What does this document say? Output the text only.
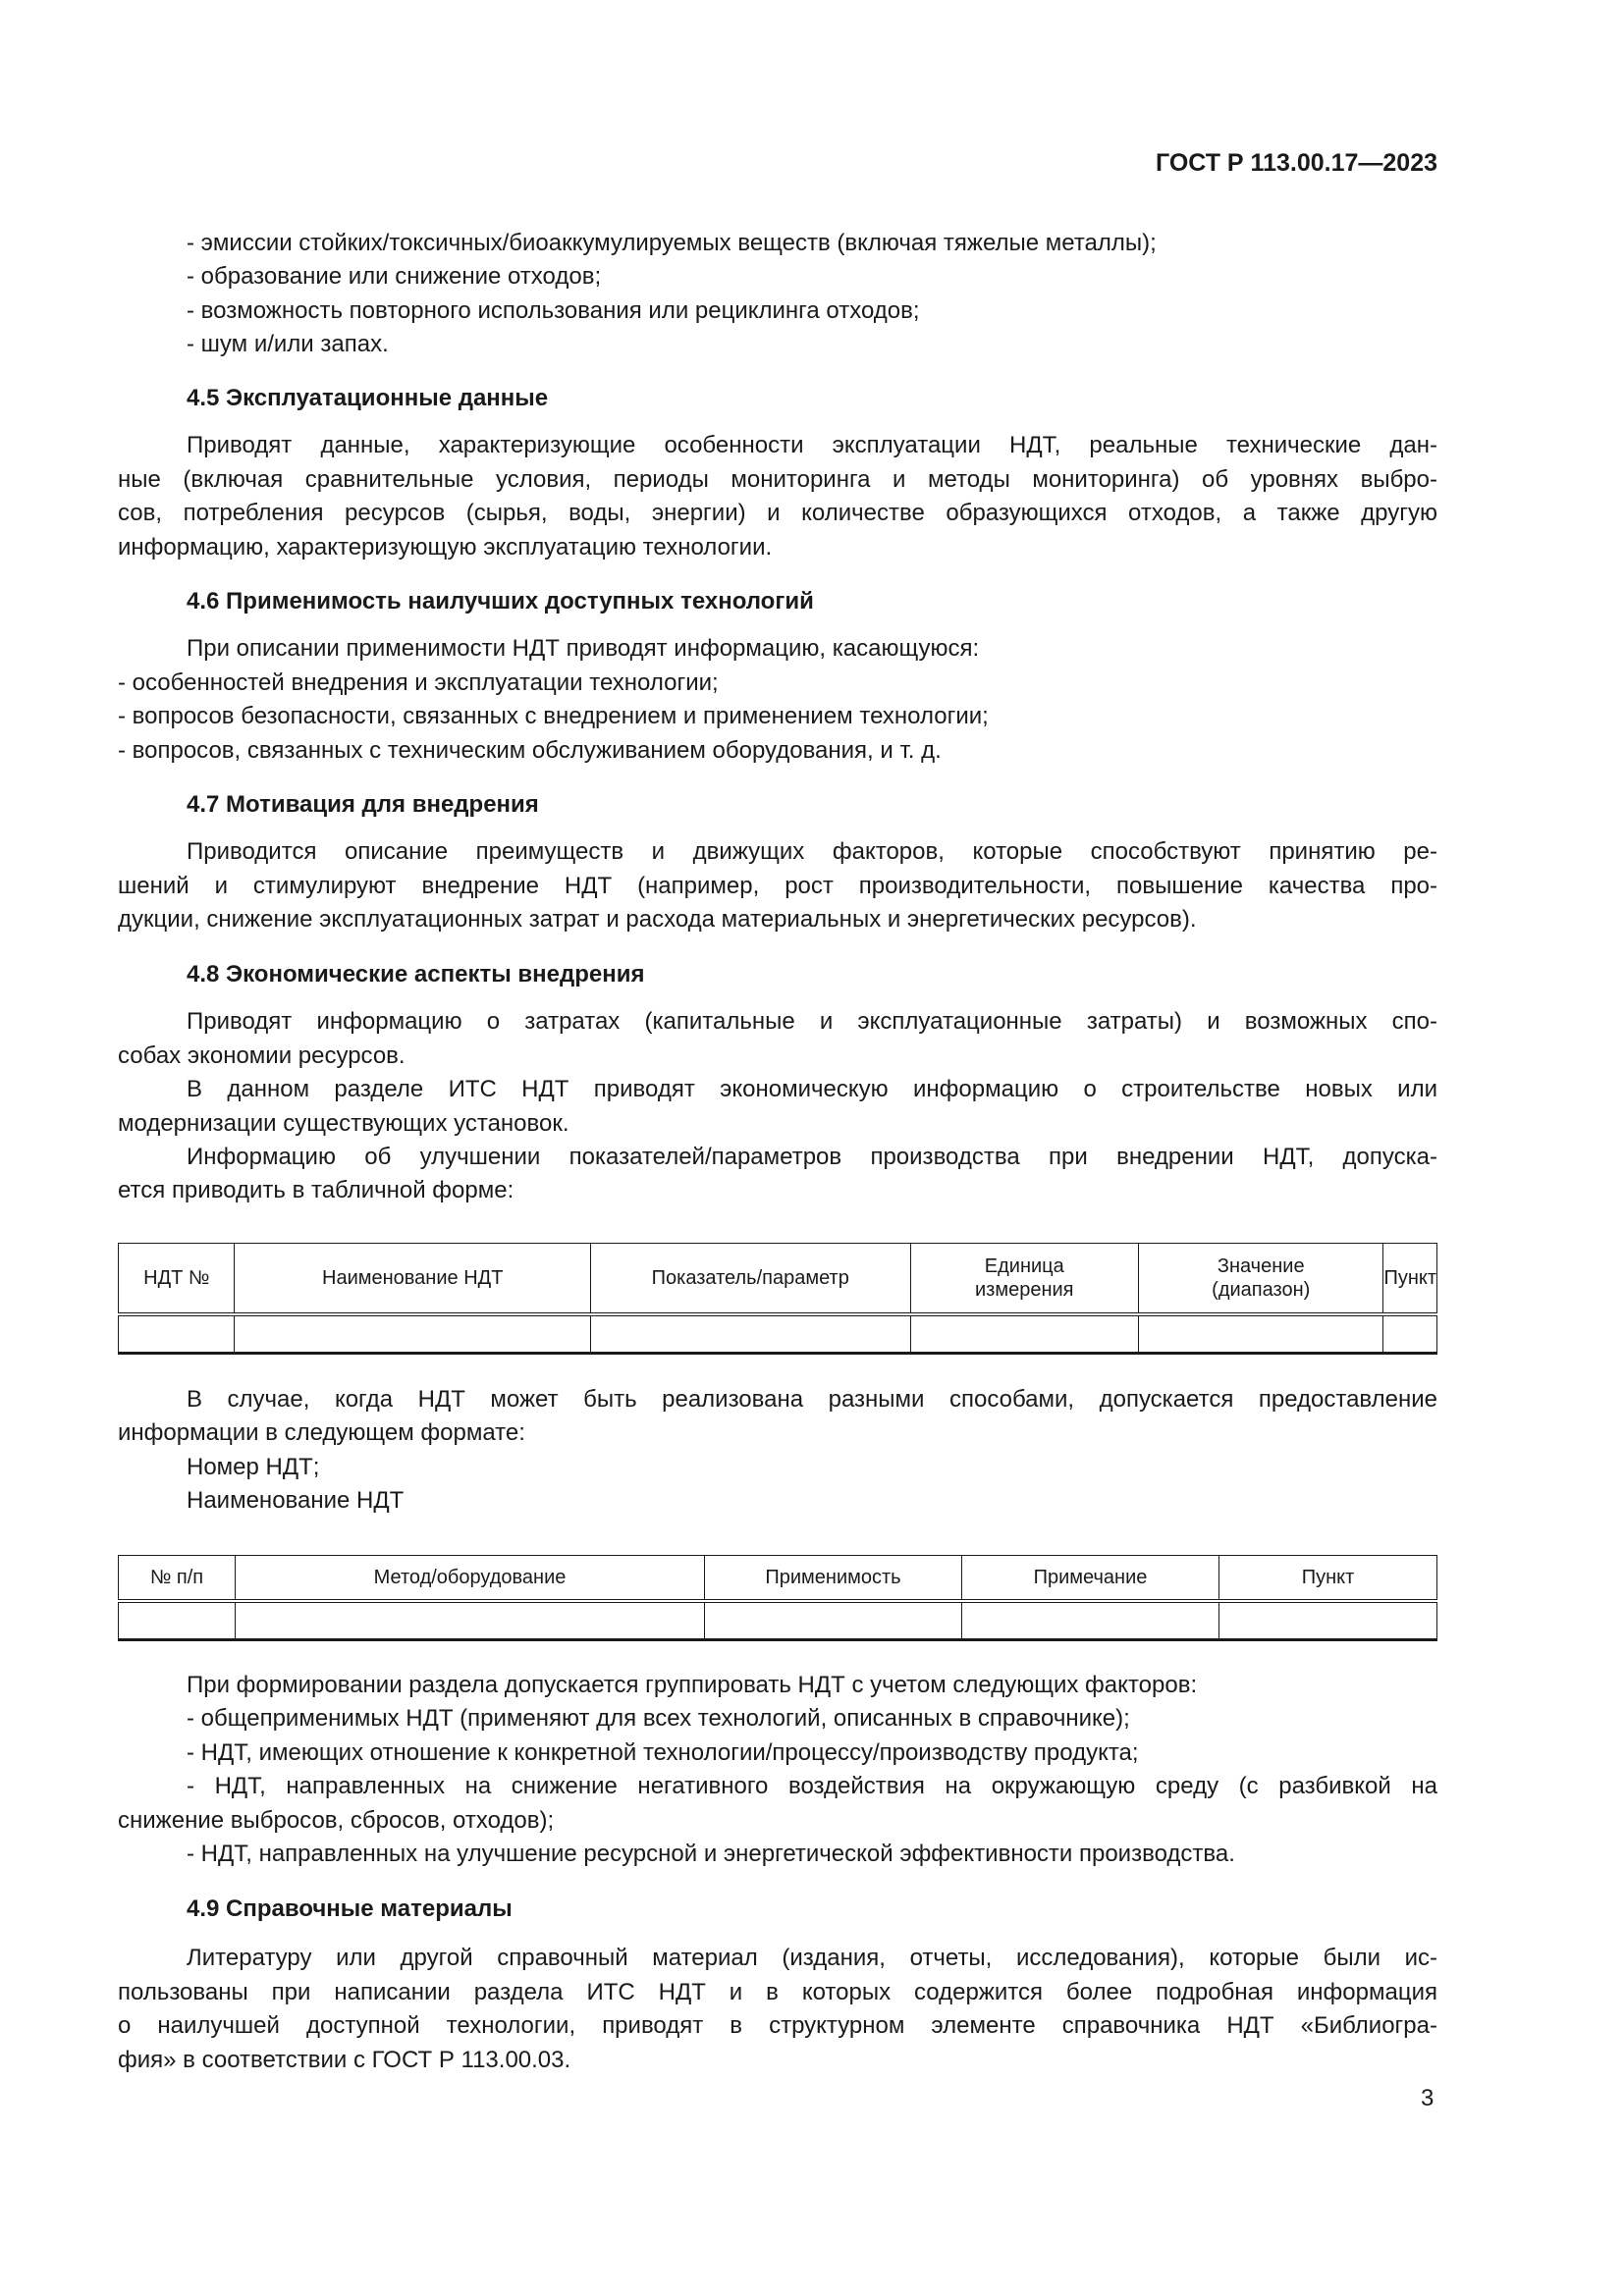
ГОСТ Р 113.00.17—2023
- эмиссии стойких/токсичных/биоаккумулируемых веществ (включая тяжелые металлы);
- образование или снижение отходов;
- возможность повторного использования или рециклинга отходов;
- шум и/или запах.
4.5 Эксплуатационные данные
Приводят данные, характеризующие особенности эксплуатации НДТ, реальные технические дан-
ные (включая сравнительные условия, периоды мониторинга и методы мониторинга) об уровнях выбро-
сов, потребления ресурсов (сырья, воды, энергии) и количестве образующихся отходов, а также другую
информацию, характеризующую эксплуатацию технологии.
4.6 Применимость наилучших доступных технологий
При описании применимости НДТ приводят информацию, касающуюся:
- особенностей внедрения и эксплуатации технологии;
- вопросов безопасности, связанных с внедрением и применением технологии;
- вопросов, связанных с техническим обслуживанием оборудования, и т. д.
4.7 Мотивация для внедрения
Приводится описание преимуществ и движущих факторов, которые способствуют принятию ре-
шений и стимулируют внедрение НДТ (например, рост производительности, повышение качества про-
дукции, снижение эксплуатационных затрат и расхода материальных и энергетических ресурсов).
4.8 Экономические аспекты внедрения
Приводят информацию о затратах (капитальные и эксплуатационные затраты) и возможных спо-
собах экономии ресурсов.
В данном разделе ИТС НДТ приводят экономическую информацию о строительстве новых или
модернизации существующих установок.
Информацию об улучшении показателей/параметров производства при внедрении НДТ, допуска-
ется приводить в табличной форме:
НДТ №	Наименование НДТ	Показатель/параметр	Единица измерения	Значение (диапазон)	Пункт

В случае, когда НДТ может быть реализована разными способами, допускается предоставление
информации в следующем формате:
Номер НДТ;
Наименование НДТ
№ п/п	Метод/оборудование	Применимость	Примечание	Пункт

При формировании раздела допускается группировать НДТ с учетом следующих факторов:
- общеприменимых НДТ (применяют для всех технологий, описанных в справочнике);
- НДТ, имеющих отношение к конкретной технологии/процессу/производству продукта;
- НДТ, направленных на снижение негативного воздействия на окружающую среду (с разбивкой на
снижение выбросов, сбросов, отходов);
- НДТ, направленных на улучшение ресурсной и энергетической эффективности производства.
4.9 Справочные материалы
Литературу или другой справочный материал (издания, отчеты, исследования), которые были ис-
пользованы при написании раздела ИТС НДТ и в которых содержится более подробная информация
о наилучшей доступной технологии, приводят в структурном элементе справочника НДТ «Библиогра-
фия» в соответствии с ГОСТ Р 113.00.03.
3
